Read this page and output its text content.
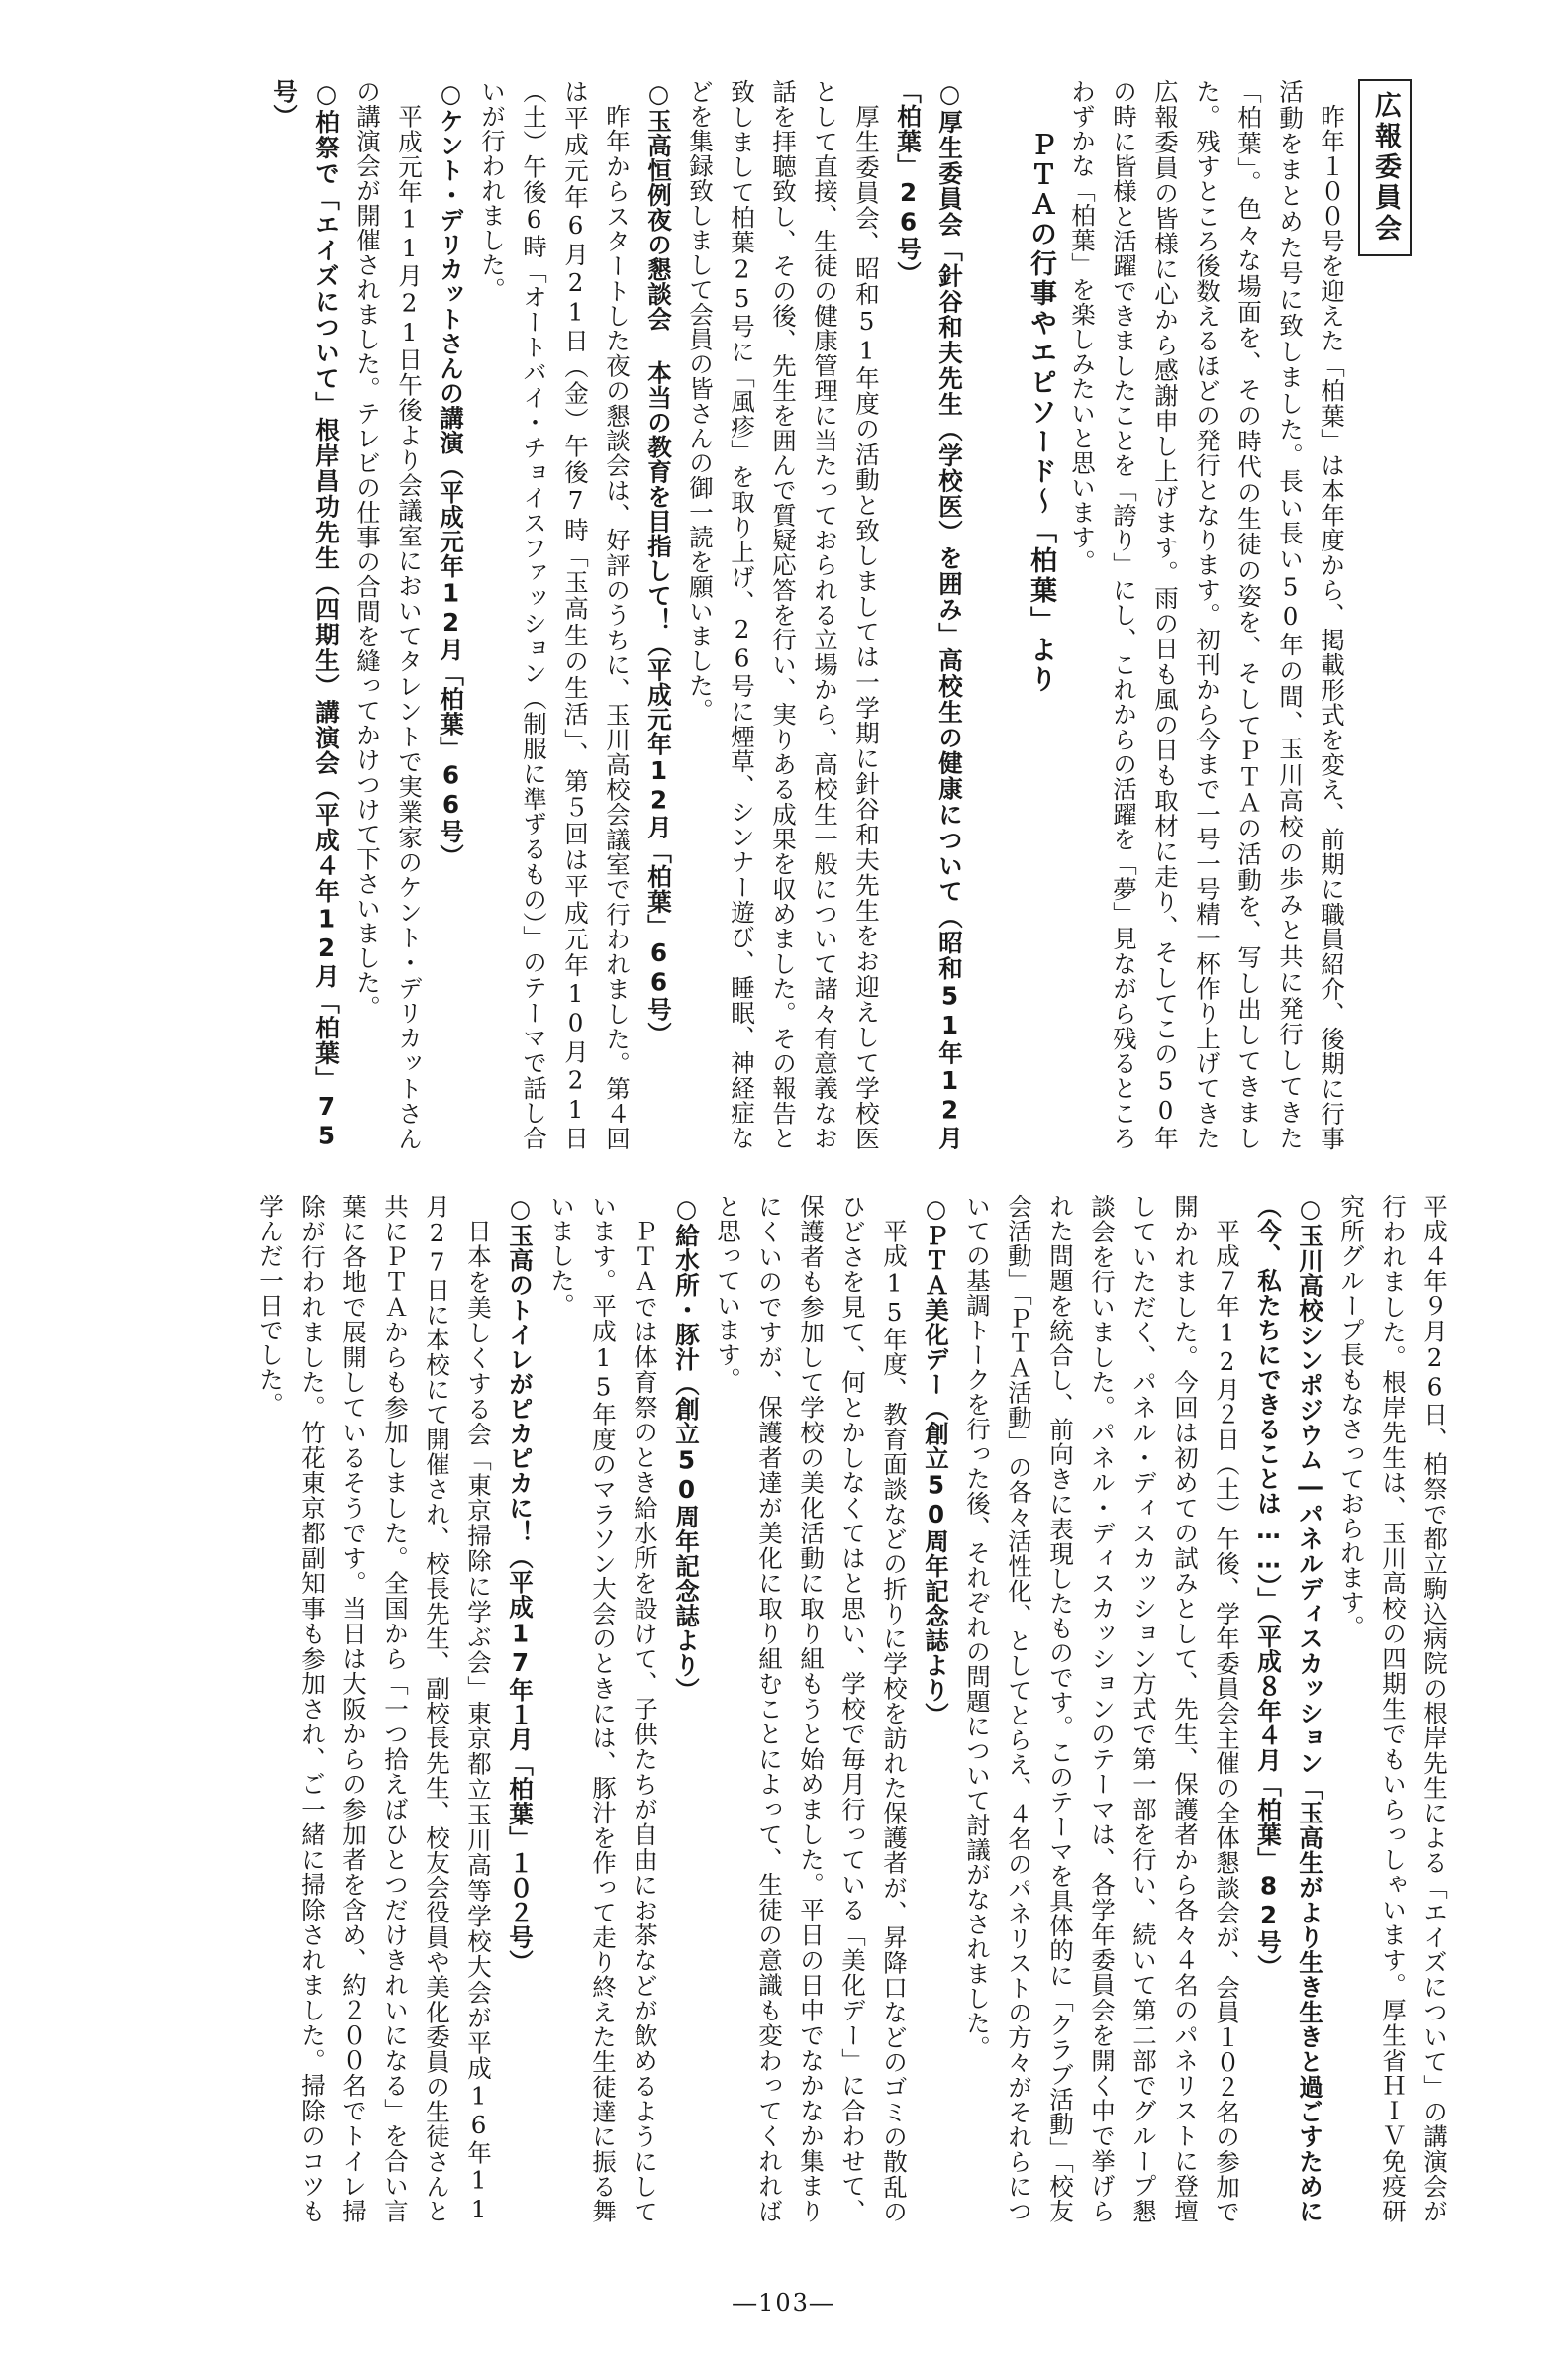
広報委員会
昨年１００号を迎えた「柏葉」は本年度から、掲載形式を変え、前期に職員紹介、後期に行事活動をまとめた号に致しました。長い長い50年の間、玉川高校の歩みと共に発行してきた「柏葉」。色々な場面を、その時代の生徒の姿を、そしてＰＴＡの活動を、写し出してきました。残すところ後数えるほどの発行となります。初刊から今まで一号一号精一杯作り上げてきた広報委員の皆様に心から感謝申し上げます。雨の日も風の日も取材に走り、そしてこの50年の時に皆様と活躍できましたことを「誇り」にし、これからの活躍を「夢」見ながら残るところわずかな「柏葉」を楽しみたいと思います。
ＰＴＡの行事やエピソード～「柏葉」より
○厚生委員会「針谷和夫先生（学校医）を囲み」高校生の健康について（昭和51年12月「柏葉」26号）
厚生委員会、昭和51年度の活動と致しましては一学期に針谷和夫先生をお迎えして学校医として直接、生徒の健康管理に当たっておられる立場から、高校生一般について諸々有意義なお話を拝聴致し、その後、先生を囲んで質疑応答を行い、実りある成果を収めました。その報告と致しまして柏葉25号に「風疹」を取り上げ、26号に煙草、シンナー遊び、睡眠、神経症などを集録致しまして会員の皆さんの御一読を願いました。
○玉高恒例夜の懇談会 本当の教育を目指して！（平成元年12月「柏葉」66号）
昨年からスタートした夜の懇談会は、好評のうちに、玉川高校会議室で行われました。第４回は平成元年6月21日（金）午後7時「玉高生の生活」、第５回は平成元年10月21日（土）午後6時「オートバイ・チョイスファッション（制服に準ずるもの）」のテーマで話し合いが行われました。
○ケント・デリカットさんの講演（平成元年12月「柏葉」66号）
平成元年11月21日午後より会議室においてタレントで実業家のケント・デリカットさんの講演会が開催されました。テレビの仕事の合間を縫ってかけつけて下さいました。
○柏祭で「エイズについて」根岸昌功先生（四期生）講演会（平成４年12月「柏葉」75号）
平成４年９月26日、柏祭で都立駒込病院の根岸先生による「エイズについて」の講演会が行われました。根岸先生は、玉川高校の四期生でもいらっしゃいます。厚生省ＨＩＶ免疫研究所グループ長もなさっておられます。
○玉川高校シンポジウム―パネルディスカッション「玉高生がより生き生きと過ごすために（今、私たちにできることは……）」（平成８年４月「柏葉」82号）
平成７年12月２日（土）午後、学年委員会主催の全体懇談会が、会員１０２名の参加で開かれました。今回は初めての試みとして、先生、保護者から各々４名のパネリストに登壇していただく、パネル・ディスカッション方式で第一部を行い、続いて第二部でグループ懇談会を行いました。パネル・ディスカッションのテーマは、各学年委員会を開く中で挙げられた問題を統合し、前向きに表現したものです。このテーマを具体的に「クラブ活動」「校友会活動」「ＰＴＡ活動」の各々活性化、としてとらえ、４名のパネリストの方々がそれらについての基調トークを行った後、それぞれの問題について討議がなされました。
○ＰＴＡ美化デー（創立50周年記念誌より）
平成15年度、教育面談などの折りに学校を訪れた保護者が、昇降口などのゴミの散乱のひどさを見て、何とかしなくてはと思い、学校で毎月行っている「美化デー」に合わせて、保護者も参加して学校の美化活動に取り組もうと始めました。平日の日中でなかなか集まりにくいのですが、保護者達が美化に取り組むことによって、生徒の意識も変わってくれればと思っています。
○給水所・豚汁（創立50周年記念誌より）
ＰＴＡでは体育祭のとき給水所を設けて、子供たちが自由にお茶などが飲めるようにしています。平成15年度のマラソン大会のときには、豚汁を作って走り終えた生徒達に振る舞いました。
○玉高のトイレがピカピカに！（平成17年１月「柏葉」１０２号）
日本を美しくする会「東京掃除に学ぶ会」東京都立玉川高等学校大会が平成16年11月27日に本校にて開催され、校長先生、副校長先生、校友会役員や美化委員の生徒さんと共にＰＴＡからも参加しました。全国から「一つ拾えばひとつだけきれいになる」を合い言葉に各地で展開しているそうです。当日は大阪からの参加者を含め、約２００名でトイレ掃除が行われました。竹花東京都副知事も参加され、ご一緒に掃除されました。掃除のコツも学んだ一日でした。
―103―
